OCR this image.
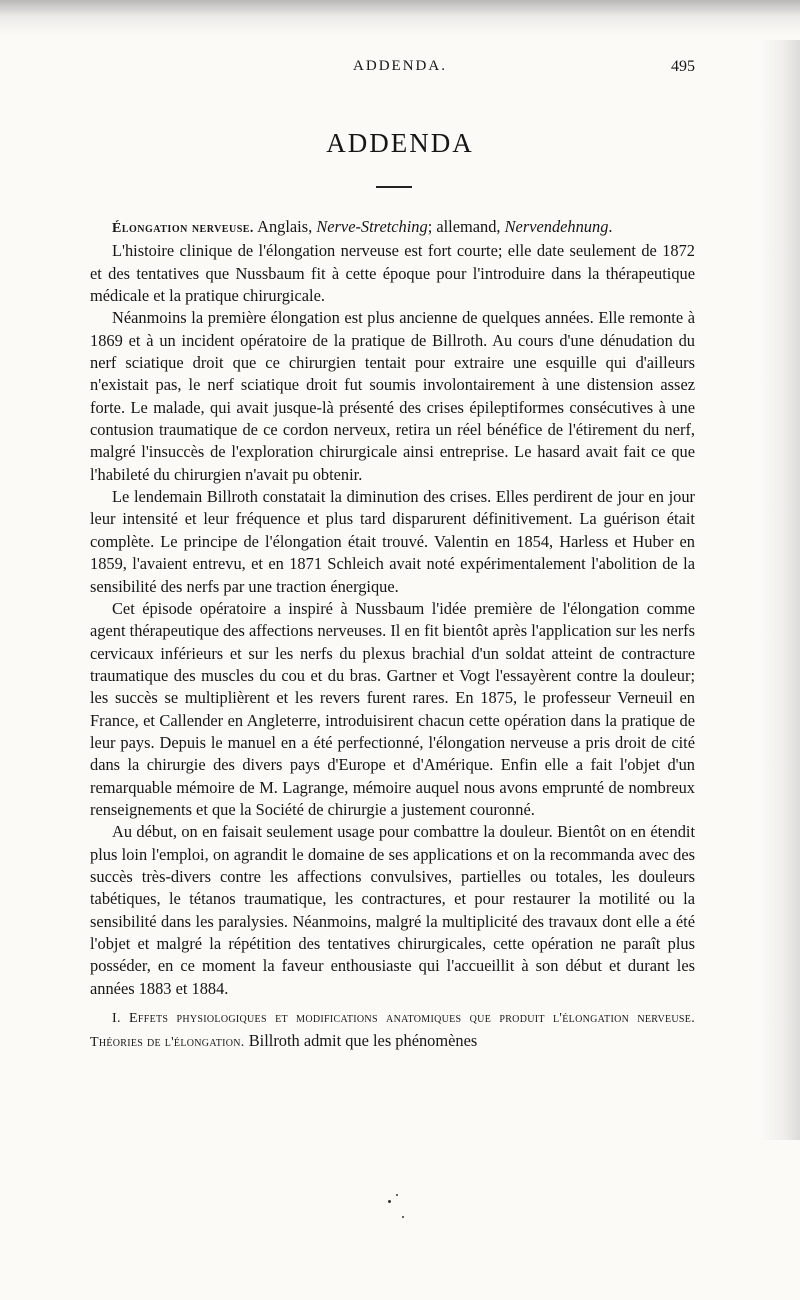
ADDENDA.	495
ADDENDA

Élongation nerveuse. Anglais, Nerve-Stretching; allemand, Nervendehnung.

L'histoire clinique de l'élongation nerveuse est fort courte; elle date seulement de 1872 et des tentatives que Nussbaum fit à cette époque pour l'introduire dans la thérapeutique médicale et la pratique chirurgicale.

Néanmoins la première élongation est plus ancienne de quelques années. Elle remonte à 1869 et à un incident opératoire de la pratique de Billroth. Au cours d'une dénudation du nerf sciatique droit que ce chirurgien tentait pour extraire une esquille qui d'ailleurs n'existait pas, le nerf sciatique droit fut soumis involontairement à une distension assez forte. Le malade, qui avait jusque-là présenté des crises épileptiformes consécutives à une contusion traumatique de ce cordon nerveux, retira un réel bénéfice de l'étirement du nerf, malgré l'insuccès de l'exploration chirurgicale ainsi entreprise. Le hasard avait fait ce que l'habileté du chirurgien n'avait pu obtenir.

Le lendemain Billroth constatait la diminution des crises. Elles perdirent de jour en jour leur intensité et leur fréquence et plus tard disparurent définitivement. La guérison était complète. Le principe de l'élongation était trouvé. Valentin en 1854, Harless et Huber en 1859, l'avaient entrevu, et en 1871 Schleich avait noté expérimentalement l'abolition de la sensibilité des nerfs par une traction énergique.

Cet épisode opératoire a inspiré à Nussbaum l'idée première de l'élongation comme agent thérapeutique des affections nerveuses. Il en fit bientôt après l'application sur les nerfs cervicaux inférieurs et sur les nerfs du plexus brachial d'un soldat atteint de contracture traumatique des muscles du cou et du bras. Gartner et Vogt l'essayèrent contre la douleur; les succès se multiplièrent et les revers furent rares. En 1875, le professeur Verneuil en France, et Callender en Angleterre, introduisirent chacun cette opération dans la pratique de leur pays. Depuis le manuel en a été perfectionné, l'élongation nerveuse a pris droit de cité dans la chirurgie des divers pays d'Europe et d'Amérique. Enfin elle a fait l'objet d'un remarquable mémoire de M. Lagrange, mémoire auquel nous avons emprunté de nombreux renseignements et que la Société de chirurgie a justement couronné.

Au début, on en faisait seulement usage pour combattre la douleur. Bientôt on en étendit plus loin l'emploi, on agrandit le domaine de ses applications et on la recommanda avec des succès très-divers contre les affections convulsives, partielles ou totales, les douleurs tabétiques, le tétanos traumatique, les contractures, et pour restaurer la motilité ou la sensibilité dans les paralysies. Néanmoins, malgré la multiplicité des travaux dont elle a été l'objet et malgré la répétition des tentatives chirurgicales, cette opération ne paraît plus posséder, en ce moment la faveur enthousiaste qui l'accueillit à son début et durant les années 1883 et 1884.

I. Effets physiologiques et modifications anatomiques que produit l'élongation nerveuse. Théories de l'élongation. Billroth admit que les phénomènes
